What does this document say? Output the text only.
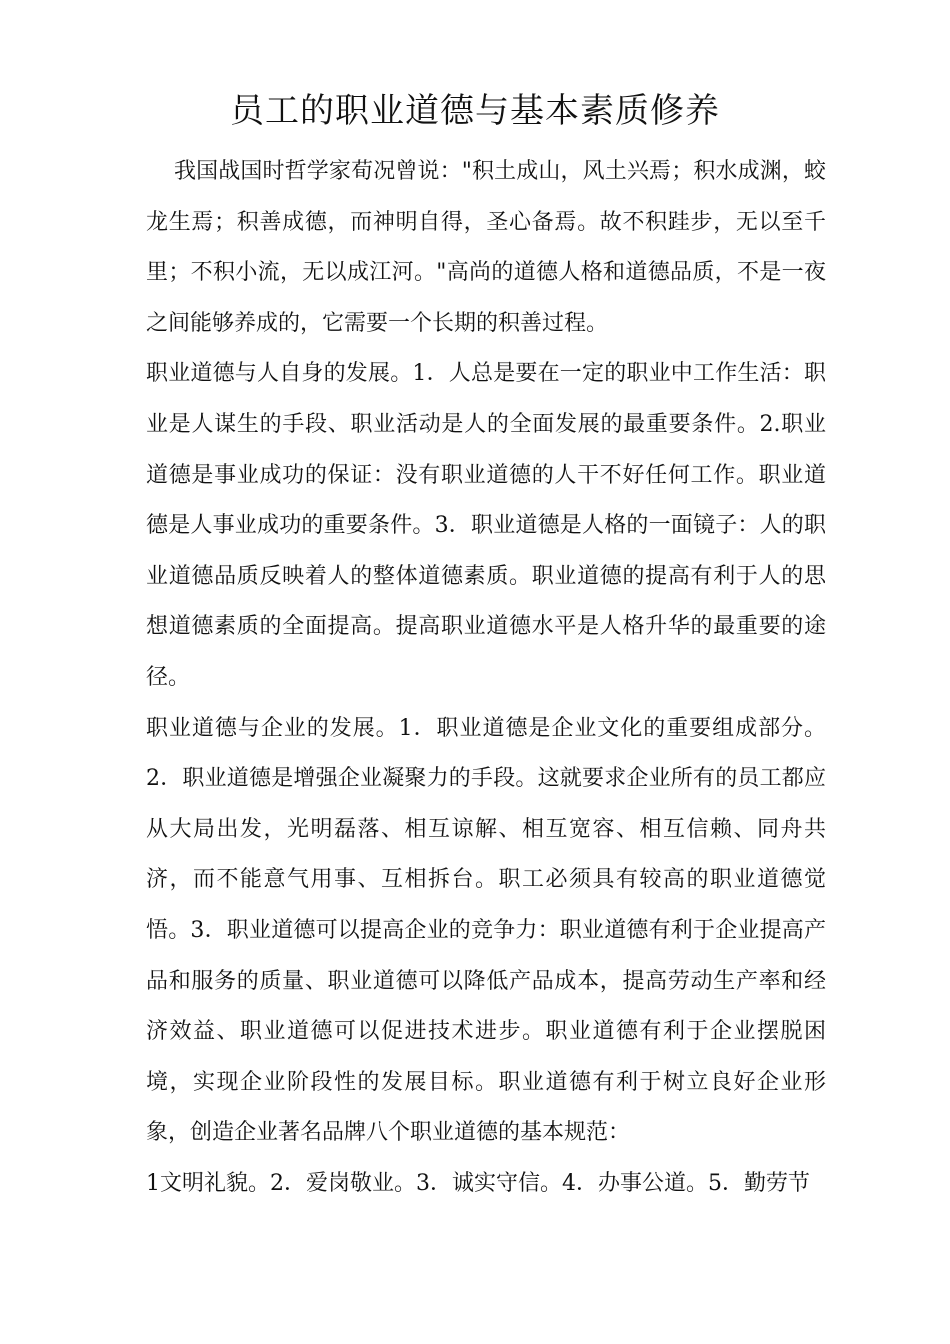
员工的职业道德与基本素质修养

我国战国时哲学家荀况曾说："积土成山，风土兴焉；积水成渊，蛟龙生焉；积善成德，而神明自得，圣心备焉。故不积跬步，无以至千里；不积小流，无以成江河。"高尚的道德人格和道德品质，不是一夜之间能够养成的，它需要一个长期的积善过程。

职业道德与人自身的发展。1．人总是要在一定的职业中工作生活：职业是人谋生的手段、职业活动是人的全面发展的最重要条件。2.职业道德是事业成功的保证：没有职业道德的人干不好任何工作。职业道德是人事业成功的重要条件。3．职业道德是人格的一面镜子：人的职业道德品质反映着人的整体道德素质。职业道德的提高有利于人的思想道德素质的全面提高。提高职业道德水平是人格升华的最重要的途径。

职业道德与企业的发展。1．职业道德是企业文化的重要组成部分。2．职业道德是增强企业凝聚力的手段。这就要求企业所有的员工都应从大局出发，光明磊落、相互谅解、相互宽容、相互信赖、同舟共济，而不能意气用事、互相拆台。职工必须具有较高的职业道德觉悟。3．职业道德可以提高企业的竞争力：职业道德有利于企业提高产品和服务的质量、职业道德可以降低产品成本，提高劳动生产率和经济效益、职业道德可以促进技术进步。职业道德有利于企业摆脱困境，实现企业阶段性的发展目标。职业道德有利于树立良好企业形象，创造企业著名品牌八个职业道德的基本规范：

1文明礼貌。2．爱岗敬业。3．诚实守信。4．办事公道。5．勤劳节
